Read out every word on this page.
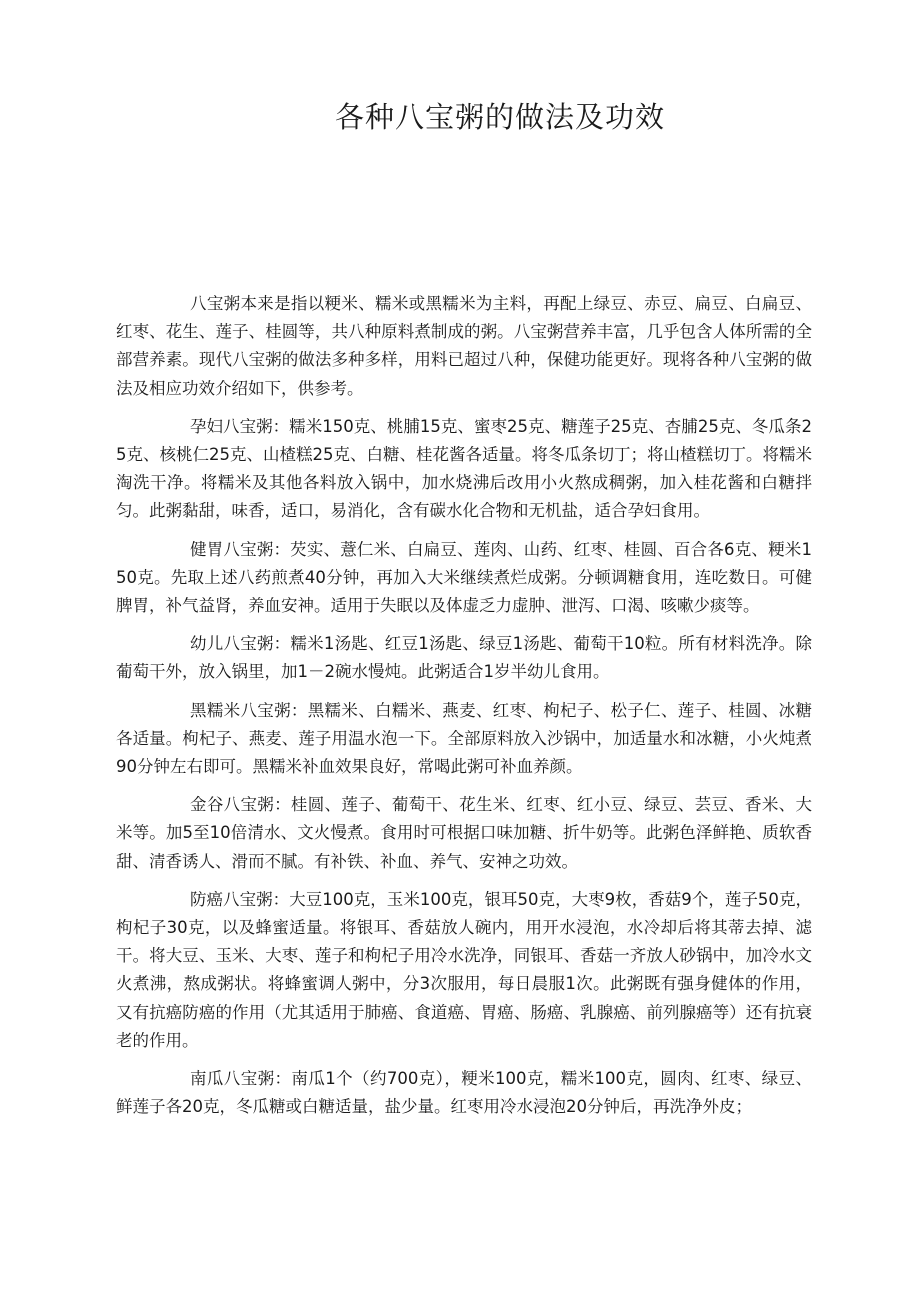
各种八宝粥的做法及功效

八宝粥本来是指以粳米、糯米或黑糯米为主料，再配上绿豆、赤豆、扁豆、白扁豆、红枣、花生、莲子、桂圆等，共八种原料煮制成的粥。八宝粥营养丰富，几乎包含人体所需的全部营养素。现代八宝粥的做法多种多样，用料已超过八种，保健功能更好。现将各种八宝粥的做法及相应功效介绍如下，供参考。

孕妇八宝粥：糯米150克、桃脯15克、蜜枣25克、糖莲子25克、杏脯25克、冬瓜条25克、核桃仁25克、山楂糕25克、白糖、桂花酱各适量。将冬瓜条切丁；将山楂糕切丁。将糯米淘洗干净。将糯米及其他各料放入锅中，加水烧沸后改用小火熬成稠粥，加入桂花酱和白糖拌匀。此粥黏甜，味香，适口，易消化，含有碳水化合物和无机盐，适合孕妇食用。

健胃八宝粥：芡实、薏仁米、白扁豆、莲肉、山药、红枣、桂圆、百合各6克、粳米150克。先取上述八药煎煮40分钟，再加入大米继续煮烂成粥。分顿调糖食用，连吃数日。可健脾胃，补气益肾，养血安神。适用于失眠以及体虚乏力虚肿、泄泻、口渴、咳嗽少痰等。

幼儿八宝粥：糯米1汤匙、红豆1汤匙、绿豆1汤匙、葡萄干10粒。所有材料洗净。除葡萄干外，放入锅里，加1－2碗水慢炖。此粥适合1岁半幼儿食用。

黑糯米八宝粥：黑糯米、白糯米、燕麦、红枣、枸杞子、松子仁、莲子、桂圆、冰糖各适量。枸杞子、燕麦、莲子用温水泡一下。全部原料放入沙锅中，加适量水和冰糖，小火炖煮90分钟左右即可。黑糯米补血效果良好，常喝此粥可补血养颜。

金谷八宝粥：桂圆、莲子、葡萄干、花生米、红枣、红小豆、绿豆、芸豆、香米、大米等。加5至10倍清水、文火慢煮。食用时可根据口味加糖、折牛奶等。此粥色泽鲜艳、质软香甜、清香诱人、滑而不腻。有补铁、补血、养气、安神之功效。

防癌八宝粥：大豆100克，玉米100克，银耳50克，大枣9枚，香菇9个，莲子50克，枸杞子30克，以及蜂蜜适量。将银耳、香菇放人碗内，用开水浸泡，水冷却后将其蒂去掉、滤干。将大豆、玉米、大枣、莲子和枸杞子用冷水洗净，同银耳、香菇一齐放人砂锅中，加冷水文火煮沸，熬成粥状。将蜂蜜调人粥中，分3次服用，每日晨服1次。此粥既有强身健体的作用，又有抗癌防癌的作用（尤其适用于肺癌、食道癌、胃癌、肠癌、乳腺癌、前列腺癌等）还有抗衰老的作用。

南瓜八宝粥：南瓜1个（约700克），粳米100克，糯米100克，圆肉、红枣、绿豆、鲜莲子各20克，冬瓜糖或白糖适量，盐少量。红枣用冷水浸泡20分钟后，再洗净外皮；
